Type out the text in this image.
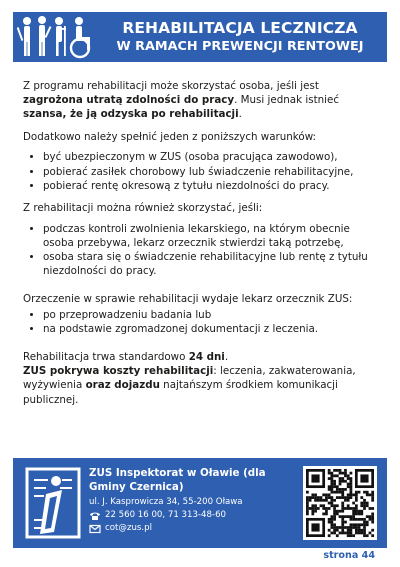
REHABILITACJA LECZNICZA
W RAMACH PREWENCJI RENTOWEJ

Z programu rehabilitacji może skorzystać osoba, jeśli jest zagrożona utratą zdolności do pracy. Musi jednak istnieć szansa, że ją odzyska po rehabilitacji.

Dodatkowo należy spełnić jeden z poniższych warunków:

• być ubezpieczonym w ZUS (osoba pracująca zawodowo),
• pobierać zasiłek chorobowy lub świadczenie rehabilitacyjne,
• pobierać rentę okresową z tytułu niezdolności do pracy.

Z rehabilitacji można również skorzystać, jeśli:

• podczas kontroli zwolnienia lekarskiego, na którym obecnie osoba przebywa, lekarz orzecznik stwierdzi taką potrzebę,
• osoba stara się o świadczenie rehabilitacyjne lub rentę z tytułu niezdolności do pracy.

Orzeczenie w sprawie rehabilitacji wydaje lekarz orzecznik ZUS:

• po przeprowadzeniu badania lub
• na podstawie zgromadzonej dokumentacji z leczenia.

Rehabilitacja trwa standardowo 24 dni.

ZUS pokrywa koszty rehabilitacji: leczenia, zakwaterowania, wyżywienia oraz dojazdu najtańszym środkiem komunikacji publicznej.

ZUS Inspektorat w Oławie (dla Gminy Czernica)
ul. J. Kasprowicza 34, 55-200 Oława
22 560 16 00, 71 313-48-60
cot@zus.pl
strona 44
